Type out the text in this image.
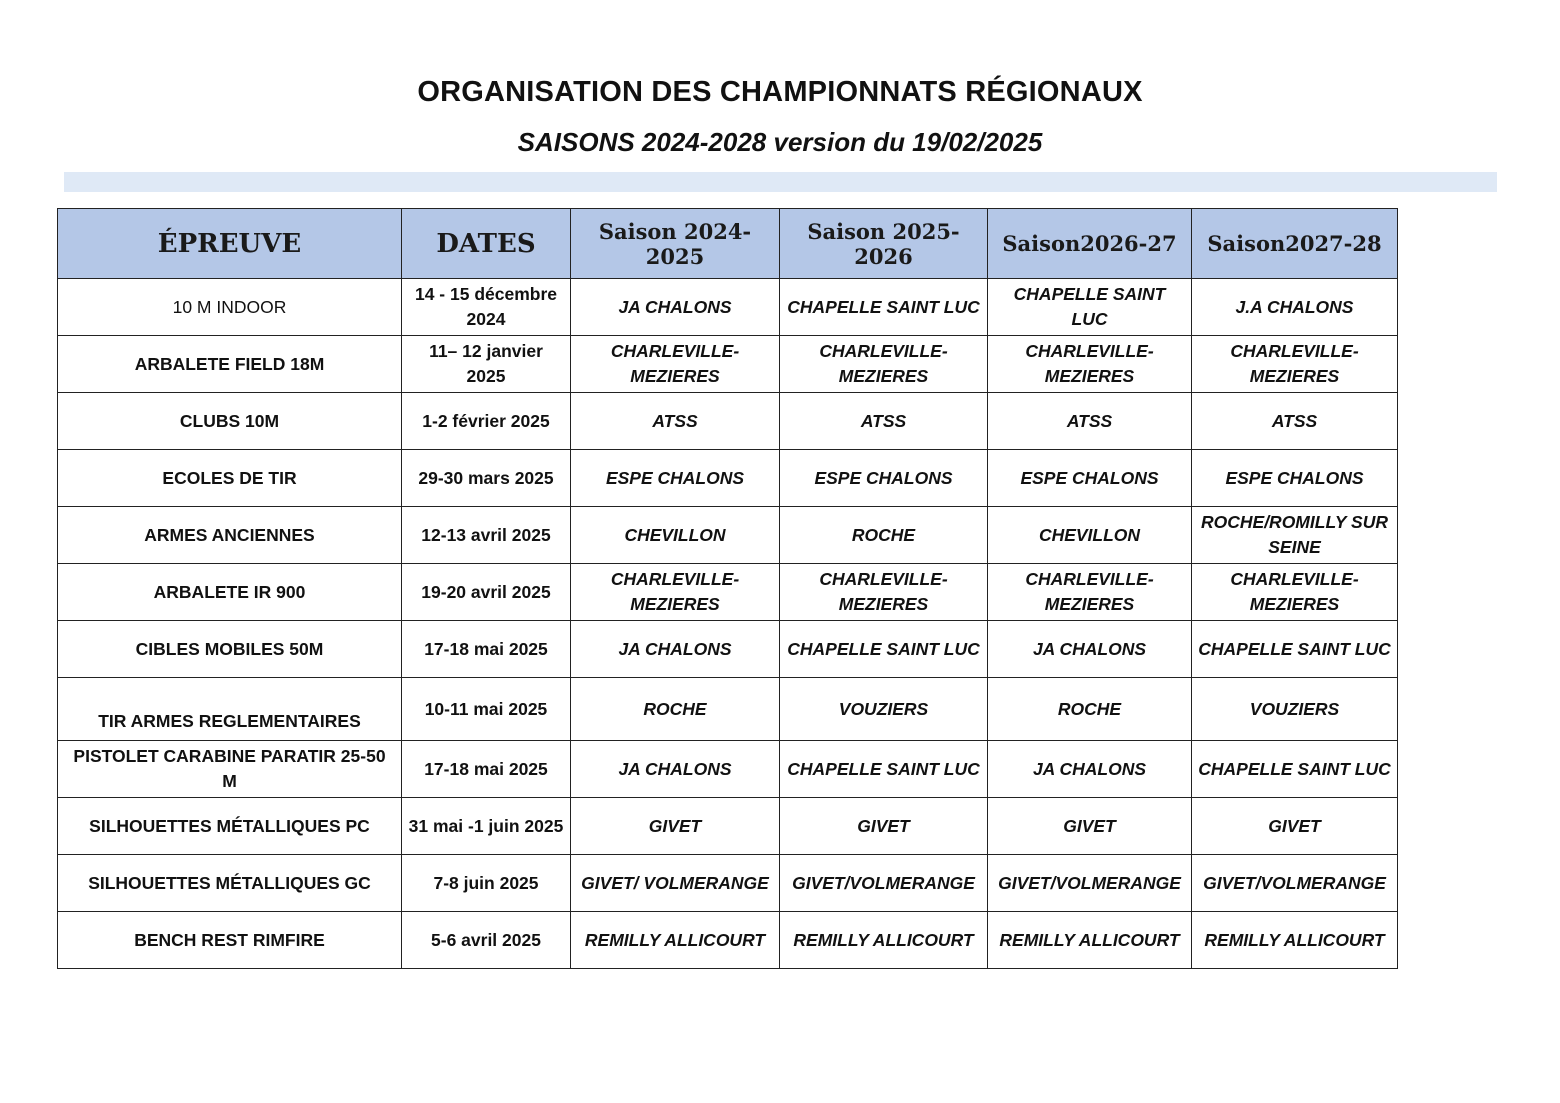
ORGANISATION DES CHAMPIONNATS RÉGIONAUX
SAISONS 2024-2028 version du 19/02/2025
ÉPREUVE	DATES	Saison 2024-2025	Saison 2025-2026	Saison2026-27	Saison2027-28
10 M INDOOR	14 - 15 décembre 2024	JA CHALONS	CHAPELLE SAINT LUC	CHAPELLE SAINT LUC	J.A CHALONS
ARBALETE FIELD 18M	11– 12 janvier 2025	CHARLEVILLE-MEZIERES	CHARLEVILLE-MEZIERES	CHARLEVILLE-MEZIERES	CHARLEVILLE-MEZIERES
CLUBS 10M	1-2 février 2025	ATSS	ATSS	ATSS	ATSS
ECOLES DE TIR	29-30 mars 2025	ESPE CHALONS	ESPE CHALONS	ESPE CHALONS	ESPE CHALONS
ARMES ANCIENNES	12-13 avril 2025	CHEVILLON	ROCHE	CHEVILLON	ROCHE/ROMILLY SUR SEINE
ARBALETE IR 900	19-20 avril 2025	CHARLEVILLE-MEZIERES	CHARLEVILLE-MEZIERES	CHARLEVILLE-MEZIERES	CHARLEVILLE-MEZIERES
CIBLES MOBILES 50M	17-18 mai 2025	JA CHALONS	CHAPELLE SAINT LUC	JA CHALONS	CHAPELLE SAINT LUC
TIR ARMES REGLEMENTAIRES	10-11 mai 2025	ROCHE	VOUZIERS	ROCHE	VOUZIERS
PISTOLET CARABINE PARATIR 25-50 M	17-18 mai 2025	JA CHALONS	CHAPELLE SAINT LUC	JA CHALONS	CHAPELLE SAINT LUC
SILHOUETTES MÉTALLIQUES PC	31 mai -1 juin 2025	GIVET	GIVET	GIVET	GIVET
SILHOUETTES MÉTALLIQUES GC	7-8 juin 2025	GIVET/ VOLMERANGE	GIVET/VOLMERANGE	GIVET/VOLMERANGE	GIVET/VOLMERANGE
BENCH REST RIMFIRE	5-6 avril 2025	REMILLY ALLICOURT	REMILLY ALLICOURT	REMILLY ALLICOURT	REMILLY ALLICOURT
